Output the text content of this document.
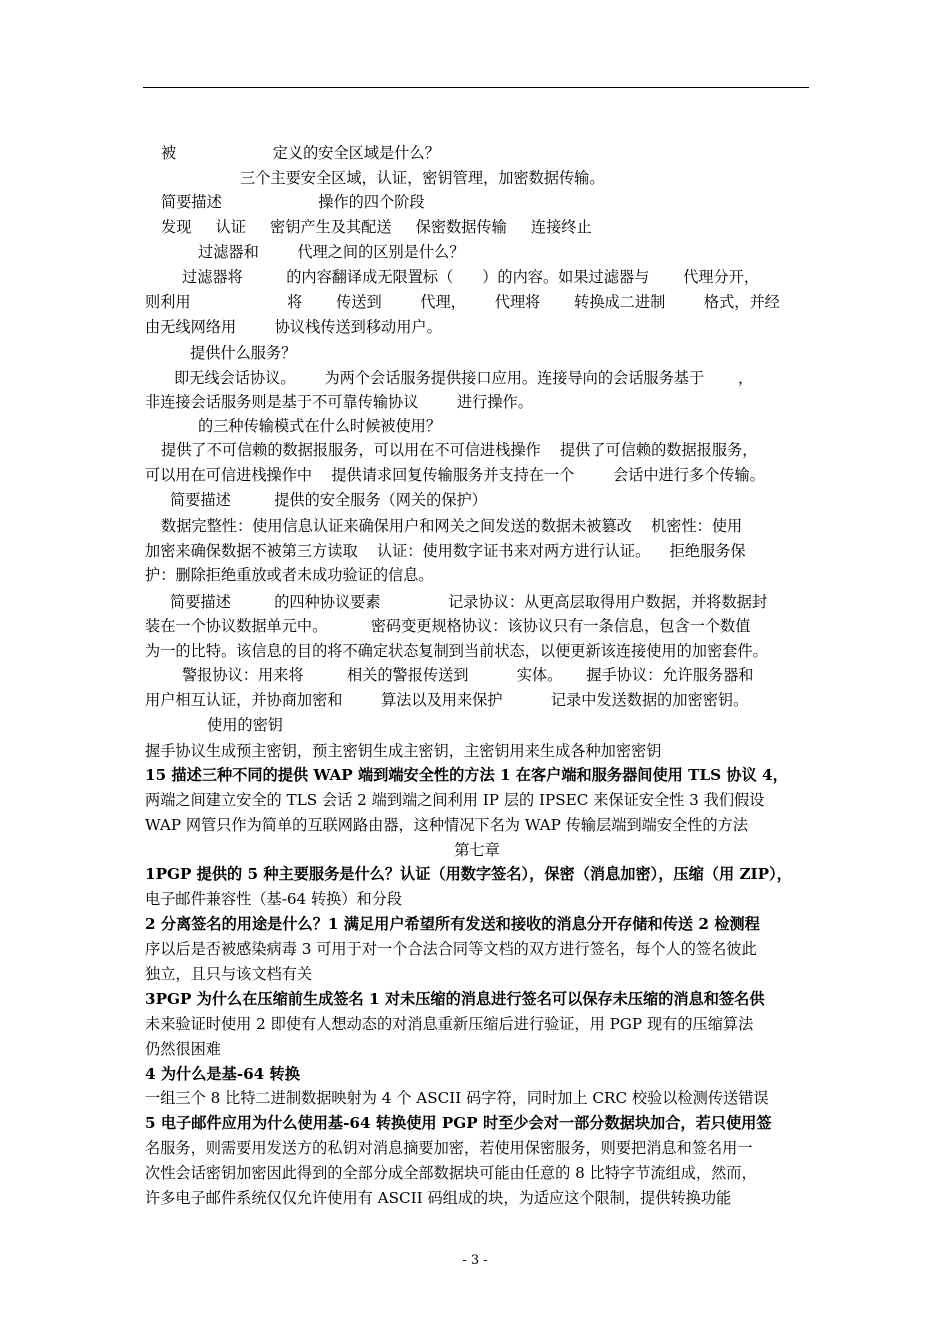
被                    定义的安全区域是什么？
三个主要安全区域，认证，密钥管理，加密数据传输。
简要描述                    操作的四个阶段
发现     认证     密钥产生及其配送     保密数据传输     连接终止
过滤器和        代理之间的区别是什么？
过滤器将         的内容翻译成无限置标（      ）的内容。如果过滤器与       代理分开，
则利用                    将       传送到        代理，      代理将       转换成二进制        格式，并经
由无线网络用        协议栈传送到移动用户。
提供什么服务？
即无线会话协议。      为两个会话服务提供接口应用。连接导向的会话服务基于       ，
非连接会话服务则是基于不可靠传输协议        进行操作。
的三种传输模式在什么时候被使用？
提供了不可信赖的数据报服务，可以用在不可信进栈操作    提供了可信赖的数据报服务，
可以用在可信进栈操作中    提供请求回复传输服务并支持在一个        会话中进行多个传输。
简要描述         提供的安全服务（网关的保护）
数据完整性：使用信息认证来确保用户和网关之间发送的数据未被篡改    机密性：使用
加密来确保数据不被第三方读取    认证：使用数字证书来对两方进行认证。    拒绝服务保
护：删除拒绝重放或者未成功验证的信息。
简要描述         的四种协议要素              记录协议：从更高层取得用户数据，并将数据封
装在一个协议数据单元中。         密码变更规格协议：该协议只有一条信息，包含一个数值
为一的比特。该信息的目的将不确定状态复制到当前状态，以便更新该连接使用的加密套件。
警报协议：用来将         相关的警报传送到          实体。     握手协议：允许服务器和
用户相互认证，并协商加密和        算法以及用来保护          记录中发送数据的加密密钥。
使用的密钥
握手协议生成预主密钥，预主密钥生成主密钥，主密钥用来生成各种加密密钥
15 描述三种不同的提供 WAP 端到端安全性的方法 1 在客户端和服务器间使用 TLS 协议 4，
两端之间建立安全的 TLS 会话 2 端到端之间利用 IP 层的 IPSEC 来保证安全性 3 我们假设
WAP 网管只作为简单的互联网路由器，这种情况下名为 WAP 传输层端到端安全性的方法
第七章
1PGP 提供的 5 种主要服务是什么？认证（用数字签名），保密（消息加密），压缩（用 ZIP），
电子邮件兼容性（基-64 转换）和分段
2 分离签名的用途是什么？1 满足用户希望所有发送和接收的消息分开存储和传送 2 检测程
序以后是否被感染病毒 3 可用于对一个合法合同等文档的双方进行签名，每个人的签名彼此
独立，且只与该文档有关
3PGP 为什么在压缩前生成签名 1 对未压缩的消息进行签名可以保存未压缩的消息和签名供
未来验证时使用 2 即使有人想动态的对消息重新压缩后进行验证，用 PGP 现有的压缩算法
仍然很困难
4 为什么是基-64 转换
一组三个 8 比特二进制数据映射为 4 个 ASCII 码字符，同时加上 CRC 校验以检测传送错误
5 电子邮件应用为什么使用基-64 转换使用 PGP 时至少会对一部分数据块加合，若只使用签
名服务，则需要用发送方的私钥对消息摘要加密，若使用保密服务，则要把消息和签名用一
次性会话密钥加密因此得到的全部分成全部数据块可能由任意的 8 比特字节流组成，然而，
许多电子邮件系统仅仅允许使用有 ASCII 码组成的块，为适应这个限制，提供转换功能
- 3 -
